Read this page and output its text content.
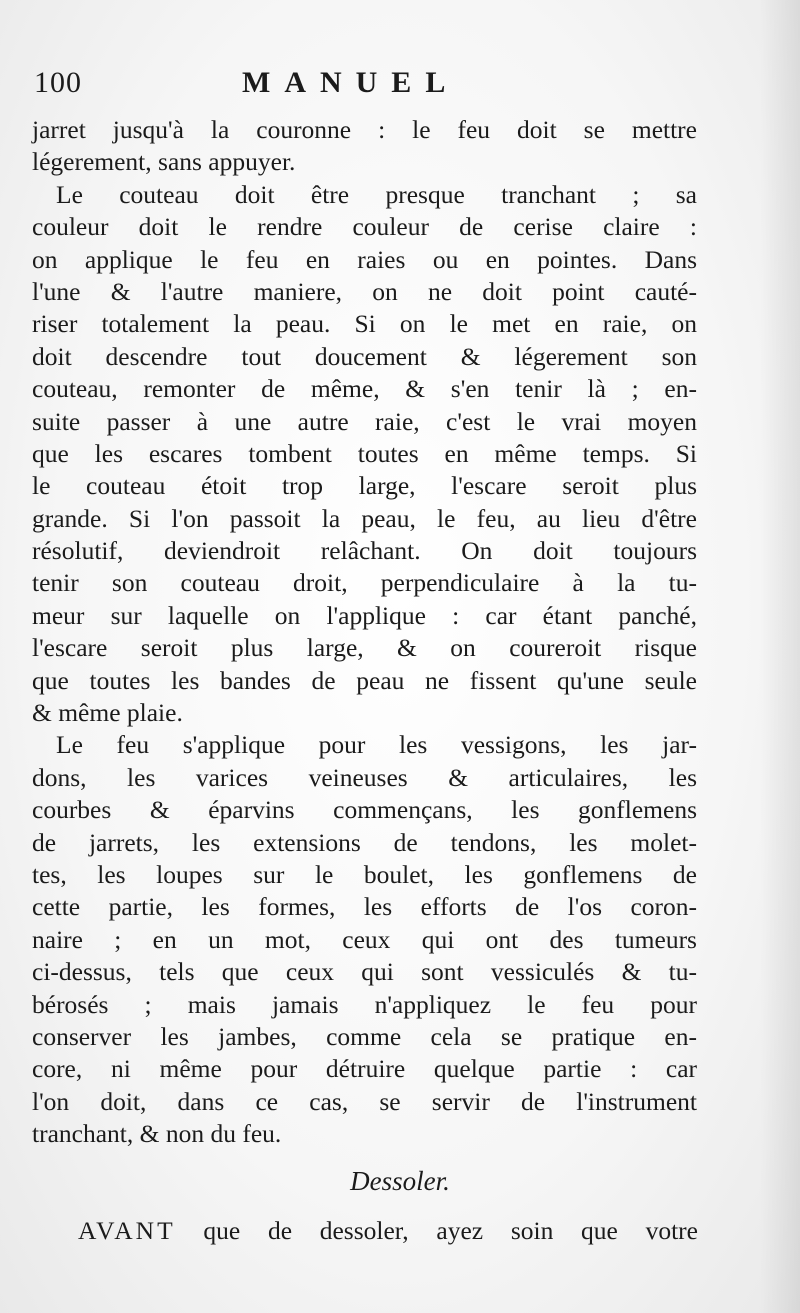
100	MANUEL
jarret jusqu'à la couronne : le feu doit se mettre
légerement, sans appuyer.
Le couteau doit être presque tranchant ; sa
couleur doit le rendre couleur de cerise claire :
on applique le feu en raies ou en pointes. Dans
l'une & l'autre maniere, on ne doit point cauté-
riser totalement la peau. Si on le met en raie, on
doit descendre tout doucement & légerement son
couteau, remonter de même, & s'en tenir là ; en-
suite passer à une autre raie, c'est le vrai moyen
que les escares tombent toutes en même temps. Si
le couteau étoit trop large, l'escare seroit plus
grande. Si l'on passoit la peau, le feu, au lieu d'être
résolutif, deviendroit relâchant. On doit toujours
tenir son couteau droit, perpendiculaire à la tu-
meur sur laquelle on l'applique : car étant panché,
l'escare seroit plus large, & on coureroit risque
que toutes les bandes de peau ne fissent qu'une seule
& même plaie.
Le feu s'applique pour les vessigons, les jar-
dons, les varices veineuses & articulaires, les
courbes & éparvins commençans, les gonflemens
de jarrets, les extensions de tendons, les molet-
tes, les loupes sur le boulet, les gonflemens de
cette partie, les formes, les efforts de l'os coron-
naire ; en un mot, ceux qui ont des tumeurs
ci-dessus, tels que ceux qui sont vessiculés & tu-
bérosés ; mais jamais n'appliquez le feu pour
conserver les jambes, comme cela se pratique en-
core, ni même pour détruire quelque partie : car
l'on doit, dans ce cas, se servir de l'instrument
tranchant, & non du feu.
Dessoler.
AVANT que de dessoler, ayez soin que votre
